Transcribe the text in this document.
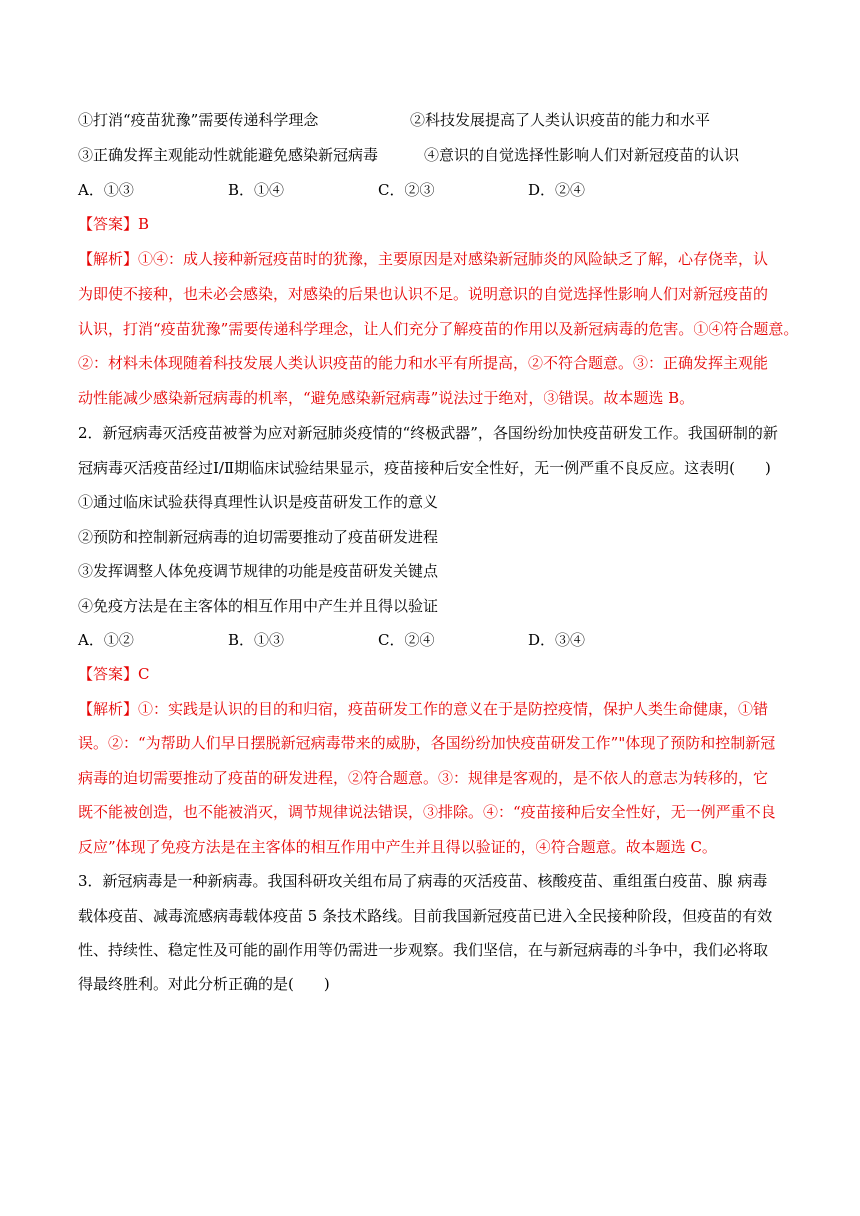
①打消“疫苗犹豫”需要传递科学理念	②科技发展提高了人类认识疫苗的能力和水平
③正确发挥主观能动性就能避免感染新冠病毒	④意识的自觉选择性影响人们对新冠疫苗的认识
A．①③	B．①④	C．②③	D．②④
【答案】B
【解析】①④：成人接种新冠疫苗时的犹豫，主要原因是对感染新冠肺炎的风险缺乏了解，心存侥幸，认
为即使不接种，也未必会感染，对感染的后果也认识不足。说明意识的自觉选择性影响人们对新冠疫苗的
认识，打消“疫苗犹豫”需要传递科学理念，让人们充分了解疫苗的作用以及新冠病毒的危害。①④符合题意。
②：材料未体现随着科技发展人类认识疫苗的能力和水平有所提高，②不符合题意。③：正确发挥主观能
动性能减少感染新冠病毒的机率，“避免感染新冠病毒”说法过于绝对，③错误。故本题选 B。
2．新冠病毒灭活疫苗被誉为应对新冠肺炎疫情的“终极武器”，各国纷纷加快疫苗研发工作。我国研制的新
冠病毒灭活疫苗经过Ⅰ/Ⅱ期临床试验结果显示，疫苗接种后安全性好，无一例严重不良反应。这表明(　　)
①通过临床试验获得真理性认识是疫苗研发工作的意义
②预防和控制新冠病毒的迫切需要推动了疫苗研发进程
③发挥调整人体免疫调节规律的功能是疫苗研发关键点
④免疫方法是在主客体的相互作用中产生并且得以验证
A．①②	B．①③	C．②④	D．③④
【答案】C
【解析】①：实践是认识的目的和归宿，疫苗研发工作的意义在于是防控疫情，保护人类生命健康，①错
误。②：“为帮助人们早日摆脱新冠病毒带来的威胁，各国纷纷加快疫苗研发工作”"体现了预防和控制新冠
病毒的迫切需要推动了疫苗的研发进程，②符合题意。③：规律是客观的，是不依人的意志为转移的，它
既不能被创造，也不能被消灭，调节规律说法错误，③排除。④：“疫苗接种后安全性好，无一例严重不良
反应”体现了免疫方法是在主客体的相互作用中产生并且得以验证的，④符合题意。故本题选 C。
3．新冠病毒是一种新病毒。我国科研攻关组布局了病毒的灭活疫苗、核酸疫苗、重组蛋白疫苗、腺 病毒
载体疫苗、减毒流感病毒载体疫苗 5 条技术路线。目前我国新冠疫苗已进入全民接种阶段，但疫苗的有效
性、持续性、稳定性及可能的副作用等仍需进一步观察。我们坚信，在与新冠病毒的斗争中，我们必将取
得最终胜利。对此分析正确的是(　　)
